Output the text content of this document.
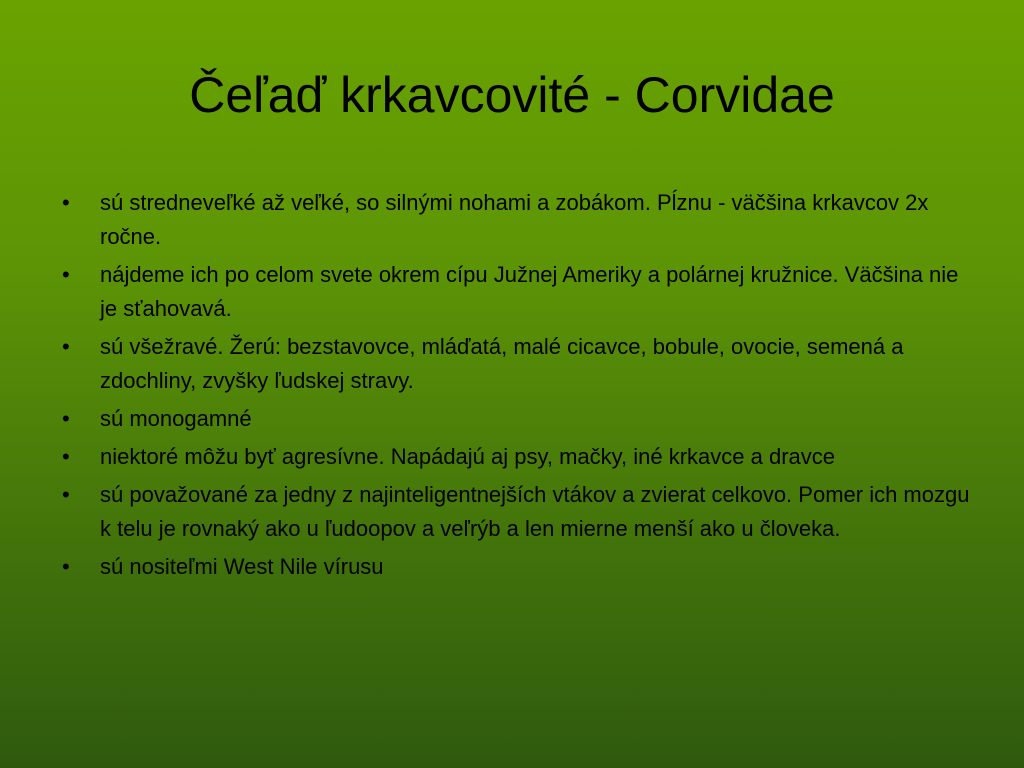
Čeľaď krkavcovité - Corvidae
•	sú stredneveľké až veľké, so silnými nohami a zobákom. Pĺznu - väčšina krkavcov 2x ročne.
•	nájdeme ich po celom svete okrem cípu Južnej Ameriky a polárnej kružnice. Väčšina nie je sťahovavá.
•	sú všežravé. Žerú: bezstavovce, mláďatá, malé cicavce, bobule, ovocie, semená a zdochliny, zvyšky ľudskej stravy.
•	sú monogamné
•	niektoré môžu byť agresívne. Napádajú aj psy, mačky, iné krkavce a dravce
•	sú považované za jedny z najinteligentnejších vtákov a zvierat celkovo. Pomer ich mozgu k telu je rovnaký ako u ľudoopov a veľrýb a len mierne menší ako u človeka.
•	sú nositeľmi West Nile vírusu
